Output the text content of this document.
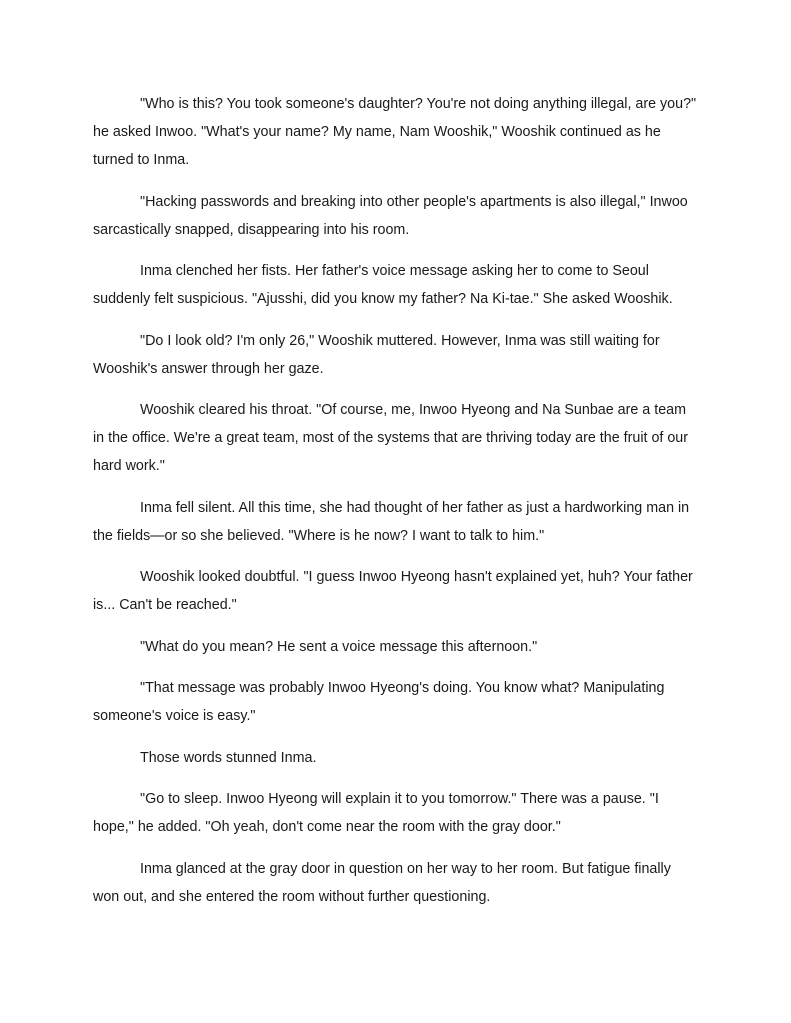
"Who is this? You took someone's daughter? You're not doing anything illegal, are you?" he asked Inwoo. "What's your name? My name, Nam Wooshik," Wooshik continued as he turned to Inma.

"Hacking passwords and breaking into other people's apartments is also illegal," Inwoo sarcastically snapped, disappearing into his room.

Inma clenched her fists. Her father's voice message asking her to come to Seoul suddenly felt suspicious. "Ajusshi, did you know my father? Na Ki-tae." She asked Wooshik.

"Do I look old? I'm only 26," Wooshik muttered. However, Inma was still waiting for Wooshik's answer through her gaze.

Wooshik cleared his throat. "Of course, me, Inwoo Hyeong and Na Sunbae are a team in the office. We're a great team, most of the systems that are thriving today are the fruit of our hard work."

Inma fell silent. All this time, she had thought of her father as just a hardworking man in the fields—or so she believed. "Where is he now? I want to talk to him."

Wooshik looked doubtful. "I guess Inwoo Hyeong hasn't explained yet, huh? Your father is... Can't be reached."

"What do you mean? He sent a voice message this afternoon."

"That message was probably Inwoo Hyeong's doing. You know what? Manipulating someone's voice is easy."

Those words stunned Inma.

"Go to sleep. Inwoo Hyeong will explain it to you tomorrow." There was a pause. "I hope," he added. "Oh yeah, don't come near the room with the gray door."

Inma glanced at the gray door in question on her way to her room. But fatigue finally won out, and she entered the room without further questioning.
